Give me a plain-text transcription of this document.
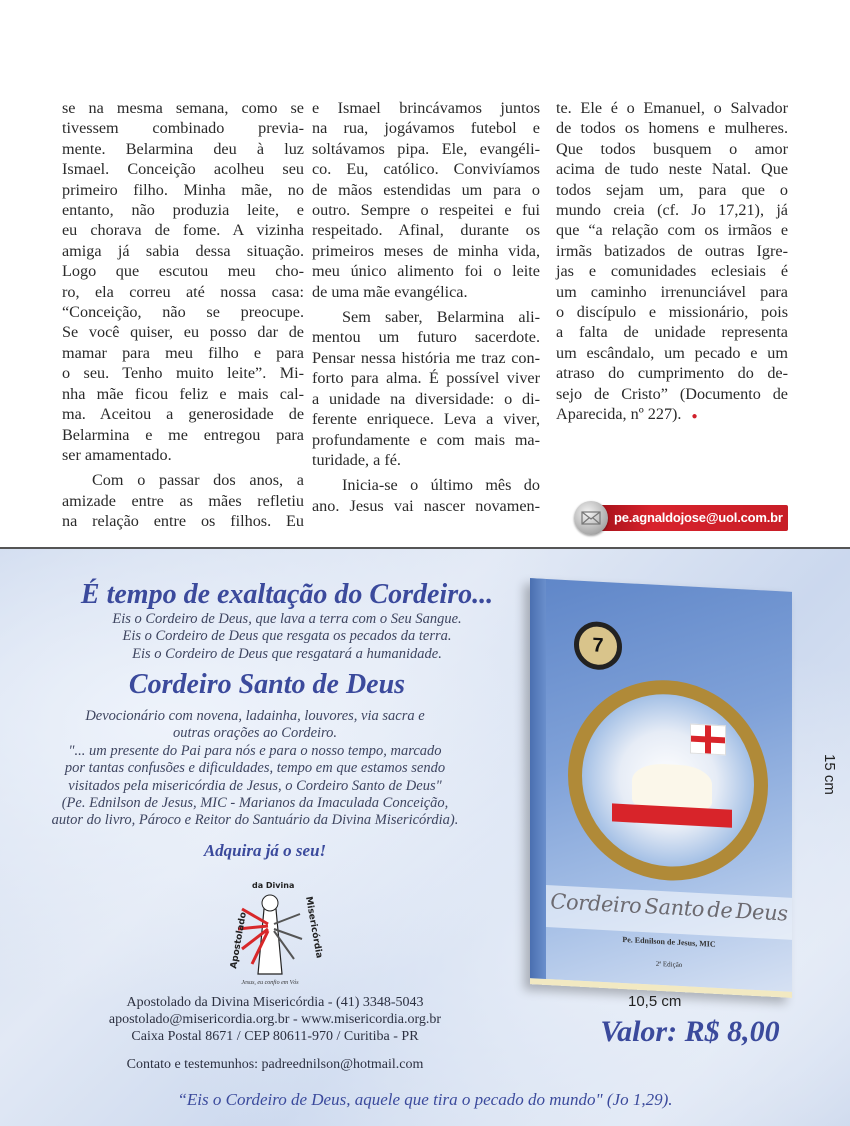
se na mesma semana, como se
tivessem combinado previa-
mente. Belarmina deu à luz
Ismael. Conceição acolheu seu
primeiro filho. Minha mãe, no
entanto, não produzia leite, e
eu chorava de fome. A vizinha
amiga já sabia dessa situação.
Logo que escutou meu cho-
ro, ela correu até nossa casa:
“Conceição, não se preocupe.
Se você quiser, eu posso dar de
mamar para meu filho e para
o seu. Tenho muito leite”. Mi-
nha mãe ficou feliz e mais cal-
ma. Aceitou a generosidade de
Belarmina e me entregou para
ser amamentado.
Com o passar dos anos, a
amizade entre as mães refletiu
na relação entre os filhos. Eu
e Ismael brincávamos juntos
na rua, jogávamos futebol e
soltávamos pipa. Ele, evangéli-
co. Eu, católico. Convivíamos
de mãos estendidas um para o
outro. Sempre o respeitei e fui
respeitado. Afinal, durante os
primeiros meses de minha vida,
meu único alimento foi o leite
de uma mãe evangélica.
Sem saber, Belarmina ali-
mentou um futuro sacerdote.
Pensar nessa história me traz con-
forto para alma. É possível viver
a unidade na diversidade: o di-
ferente enriquece. Leva a viver,
profundamente e com mais ma-
turidade, a fé.
Inicia-se o último mês do
ano. Jesus vai nascer novamen-
te. Ele é o Emanuel, o Salvador
de todos os homens e mulheres.
Que todos busquem o amor
acima de tudo neste Natal. Que
todos sejam um, para que o
mundo creia (cf. Jo 17,21), já
que “a relação com os irmãos e
irmãs batizados de outras Igre-
jas e comunidades eclesiais é
um caminho irrenunciável para
o discípulo e missionário, pois
a falta de unidade representa
um escândalo, um pecado e um
atraso do cumprimento do de-
sejo de Cristo” (Documento de
Aparecida, nº 227). ●
pe.agnaldojose@uol.com.br
É tempo de exaltação do Cordeiro...
Eis o Cordeiro de Deus, que lava a terra com o Seu Sangue.
Eis o Cordeiro de Deus que resgata os pecados da terra.
Eis o Cordeiro de Deus que resgatará a humanidade.
Cordeiro Santo de Deus
Devocionário com novena, ladainha, louvores, via sacra e
outras orações ao Cordeiro.
"... um presente do Pai para nós e para o nosso tempo, marcado
por tantas confusões e dificuldades, tempo em que estamos sendo
visitados pela misericórdia de Jesus, o Cordeiro Santo de Deus"
(Pe. Ednilson de Jesus, MIC - Marianos da Imaculada Conceição,
autor do livro, Pároco e Reitor do Santuário da Divina Misericórdia).
Adquira já o seu!
Apostolado	Misericórdia
da Divina
Jesus, eu confio em Vós
Apostolado da Divina Misericórdia - (41) 3348-5043
apostolado@misericordia.org.br - www.misericordia.org.br
Caixa Postal 8671 / CEP 80611-970 / Curitiba - PR
Contato e testemunhos: padreednilson@hotmail.com
7
Cordeiro Santo de Deus
Pe. Ednilson de Jesus, MIC
2ª Edição
15 cm
10,5 cm
Valor: R$ 8,00
“Eis o Cordeiro de Deus, aquele que tira o pecado do mundo" (Jo 1,29).
